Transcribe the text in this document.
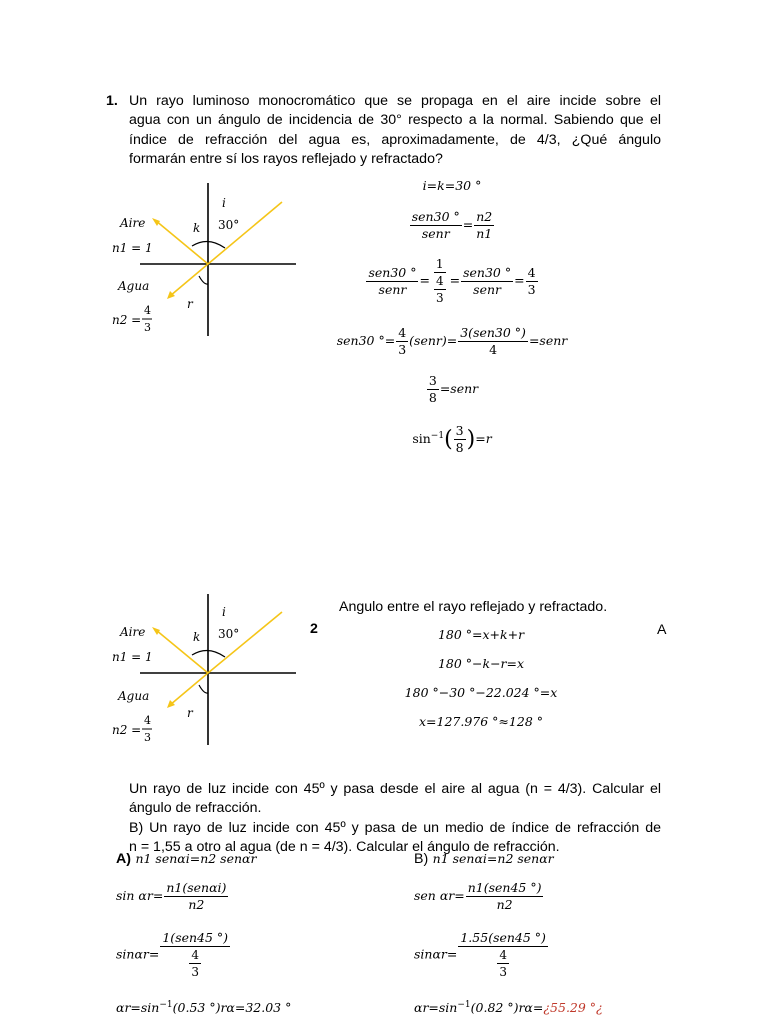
1. Un rayo luminoso monocromático que se propaga en el aire incide sobre el
agua con un ángulo de incidencia de 30° respecto a la normal. Sabiendo que el
índice de refracción del agua es, aproximadamente, de 4/3, ¿Qué ángulo
formarán entre sí los rayos reflejado y refractado?
i
k 30°
Aire
n1 = 1
Agua
n2 =
4
3
r
i=k=30 °
$\frac{\text{sen30 °}}{\text{senr}} = \frac{n2}{n1}$
$\frac{\text{sen30 °}}{\text{senr}} = \frac{1}{\frac{4}{3}} = \frac{\text{sen30 °}}{\text{senr}} = \frac{4}{3}$
sen30 °= $\frac{4}{3}$ (senr)= $\frac{\text{3(sen30 °)}}{4}$ =senr
$\frac{3}{8}$ =senr
$\sin^{-1}( \frac{3}{8} )=r$
i
k 30°
Aire
n1 = 1
Agua
n2 =
4
3
r
2
Angulo entre el rayo reflejado y refractado.
A
180 °=x+k+r
180 °−k−r=x
180 °−30 °−22.024 °=x
x=127.976 °≈128 °
Un rayo de luz incide con 45º y pasa desde el aire al agua (n = 4/3). Calcular el
ángulo de refracción.
B) Un rayo de luz incide con 45º y pasa de un medio de índice de refracción de
n = 1,55 a otro al agua (de n = 4/3). Calcular el ángulo de refracción.
A) n1 senαi=n2 senαr
$\sin \alpha r= \frac{\text{n1(senαi)}}{n2}$
$\sin\alpha r= \frac{\text{1(sen45 °)}}{\frac{4}{3}}$
$\alpha r=\sin^{-1}(0.53$ °)rα=32.03 °
B) n1 senαi=n2 senαr
sen $\alpha r= \frac{\text{n1(sen45 °)}}{n2}$
$\sin\alpha r= \frac{\text{1.55(sen45 °)}}{\frac{4}{3}}$
$\alpha r=\sin^{-1}(0.82$ °)rα=¿55.29 °¿
